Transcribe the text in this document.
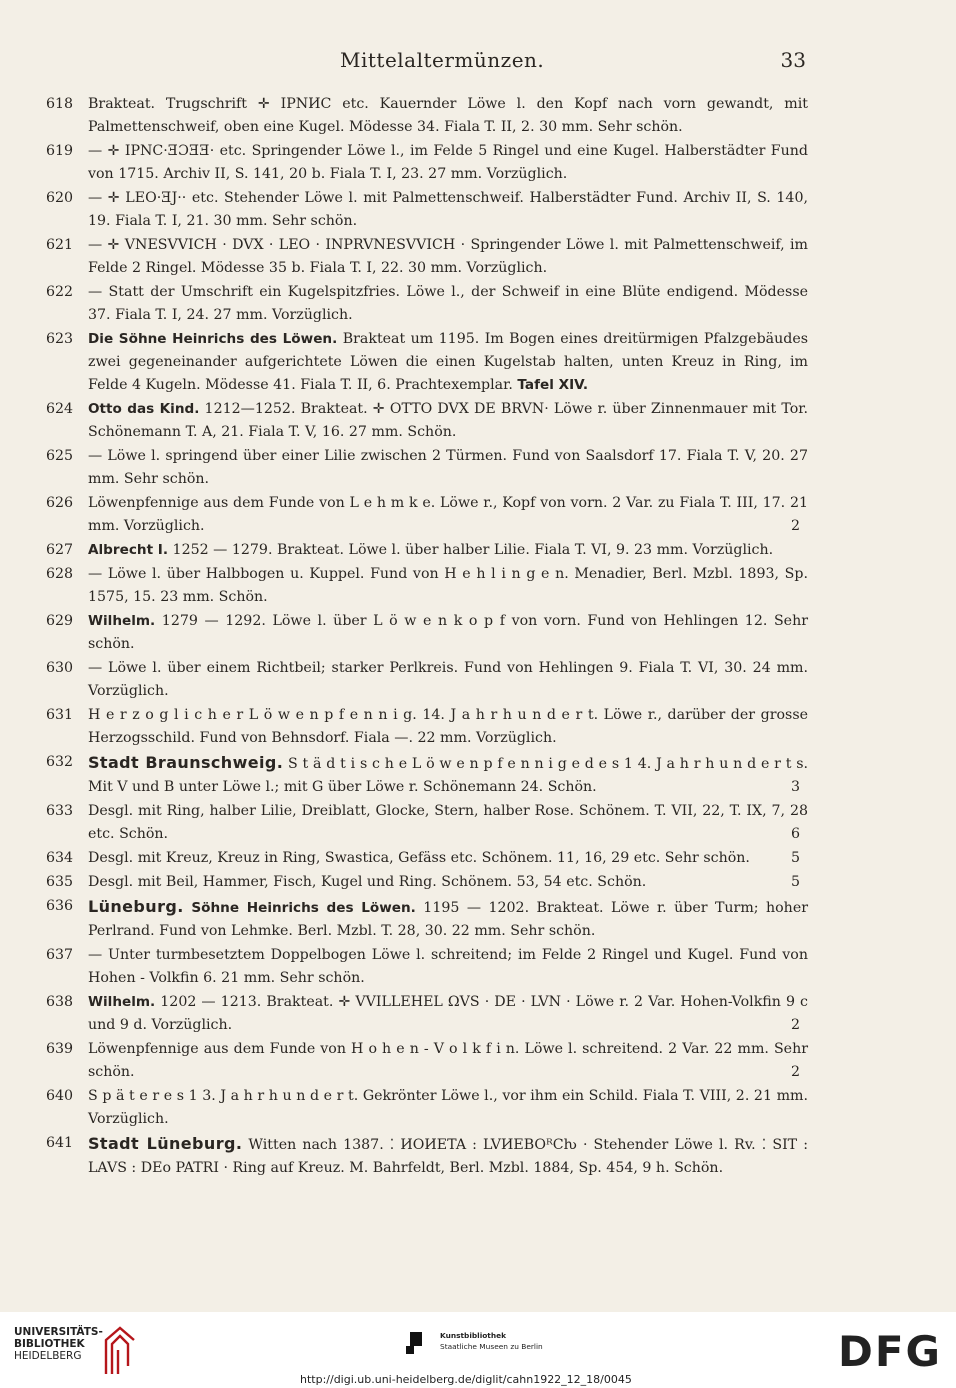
Mittelaltermünzen.	33
618 Brakteat. Trugschrift ✛ IPNИC etc. Kauernder Löwe l. den Kopf nach vorn gewandt, mit Palmettenschweif, oben eine Kugel. Mödesse 34. Fiala T. II, 2. 30 mm. Sehr schön.
619 — ✛ IPNC·ƎƆƎƎ· etc. Springender Löwe l., im Felde 5 Ringel und eine Kugel. Halberstädter Fund von 1715. Archiv II, S. 141, 20 b. Fiala T. I, 23. 27 mm. Vorzüglich.
620 — ✛ LEO·ƎJ·· etc. Stehender Löwe l. mit Palmettenschweif. Halberstädter Fund. Archiv II, S. 140, 19. Fiala T. I, 21. 30 mm. Sehr schön.
621 — ✛ VNESVVICH · DVX · LEO · INPRVNESVVICH · Springender Löwe l. mit Palmettenschweif, im Felde 2 Ringel. Mödesse 35 b. Fiala T. I, 22. 30 mm. Vorzüglich.
622 — Statt der Umschrift ein Kugelspitzfries. Löwe l., der Schweif in eine Blüte endigend. Mödesse 37. Fiala T. I, 24. 27 mm. Vorzüglich.
623 Die Söhne Heinrichs des Löwen. Brakteat um 1195. Im Bogen eines dreitürmigen Pfalzgebäudes zwei gegeneinander aufgerichtete Löwen die einen Kugelstab halten, unten Kreuz in Ring, im Felde 4 Kugeln. Mödesse 41. Fiala T. II, 6. Prachtexemplar. Tafel XIV.
624 Otto das Kind. 1212—1252. Brakteat. ✛ OTTO DVX DE BRVN· Löwe r. über Zinnenmauer mit Tor. Schönemann T. A, 21. Fiala T. V, 16. 27 mm. Schön.
625 — Löwe l. springend über einer Lilie zwischen 2 Türmen. Fund von Saalsdorf 17. Fiala T. V, 20. 27 mm. Sehr schön.
626 Löwenpfennige aus dem Funde von L e h m k e. Löwe r., Kopf von vorn. 2 Var. zu Fiala T. III, 17. 21 mm. Vorzüglich.	2
627 Albrecht I. 1252 — 1279. Brakteat. Löwe l. über halber Lilie. Fiala T. VI, 9. 23 mm. Vorzüglich.
628 — Löwe l. über Halbbogen u. Kuppel. Fund von H e h l i n g e n. Menadier, Berl. Mzbl. 1893, Sp. 1575, 15. 23 mm. Schön.
629 Wilhelm. 1279 — 1292. Löwe l. über L ö w e n k o p f von vorn. Fund von Hehlingen 12. Sehr schön.
630 — Löwe l. über einem Richtbeil; starker Perlkreis. Fund von Hehlingen 9. Fiala T. VI, 30. 24 mm. Vorzüglich.
631 H e r z o g l i c h e r L ö w e n p f e n n i g. 14. J a h r h u n d e r t. Löwe r., darüber der grosse Herzogsschild. Fund von Behnsdorf. Fiala —. 22 mm. Vorzüglich.
632 Stadt Braunschweig. S t ä d t i s c h e L ö w e n p f e n n i g e d e s 1 4. J a h r h u n d e r t s. Mit V und B unter Löwe l.; mit G über Löwe r. Schönemann 24. Schön.	3
633 Desgl. mit Ring, halber Lilie, Dreiblatt, Glocke, Stern, halber Rose. Schönem. T. VII, 22, T. IX, 7, 28 etc. Schön.	6
634 Desgl. mit Kreuz, Kreuz in Ring, Swastica, Gefäss etc. Schönem. 11, 16, 29 etc. Sehr schön.	5
635 Desgl. mit Beil, Hammer, Fisch, Kugel und Ring. Schönem. 53, 54 etc. Schön.	5
636 Lüneburg. Söhne Heinrichs des Löwen. 1195 — 1202. Brakteat. Löwe r. über Turm; hoher Perlrand. Fund von Lehmke. Berl. Mzbl. T. 28, 30. 22 mm. Sehr schön.
637 — Unter turmbesetztem Doppelbogen Löwe l. schreitend; im Felde 2 Ringel und Kugel. Fund von Hohen - Volkfin 6. 21 mm. Sehr schön.
638 Wilhelm. 1202 — 1213. Brakteat. ✛ VVILLEHEL ΩVS · DE · LVN · Löwe r. 2 Var. Hohen-Volkfin 9 c und 9 d. Vorzüglich.	2
639 Löwenpfennige aus dem Funde von H o h e n - V o l k f i n. Löwe l. schreitend. 2 Var. 22 mm. Sehr schön.	2
640 S p ä t e r e s 1 3. J a h r h u n d e r t. Gekrönter Löwe l., vor ihm ein Schild. Fiala T. VIII, 2. 21 mm. Vorzüglich.
641 Stadt Lüneburg. Witten nach 1387. ⁚ ИOИETA : LVИEBOᴿCƕ · Stehender Löwe l. Rv. ⁚ SIT : LAVS : DEo PATRI · Ring auf Kreuz. M. Bahrfeldt, Berl. Mzbl. 1884, Sp. 454, 9 h. Schön.
UNIVERSITÄTS-
BIBLIOTHEK
HEIDELBERG
Kunstbibliothek
Staatliche Museen zu Berlin	DFG
http://digi.ub.uni-heidelberg.de/diglit/cahn1922_12_18/0045
